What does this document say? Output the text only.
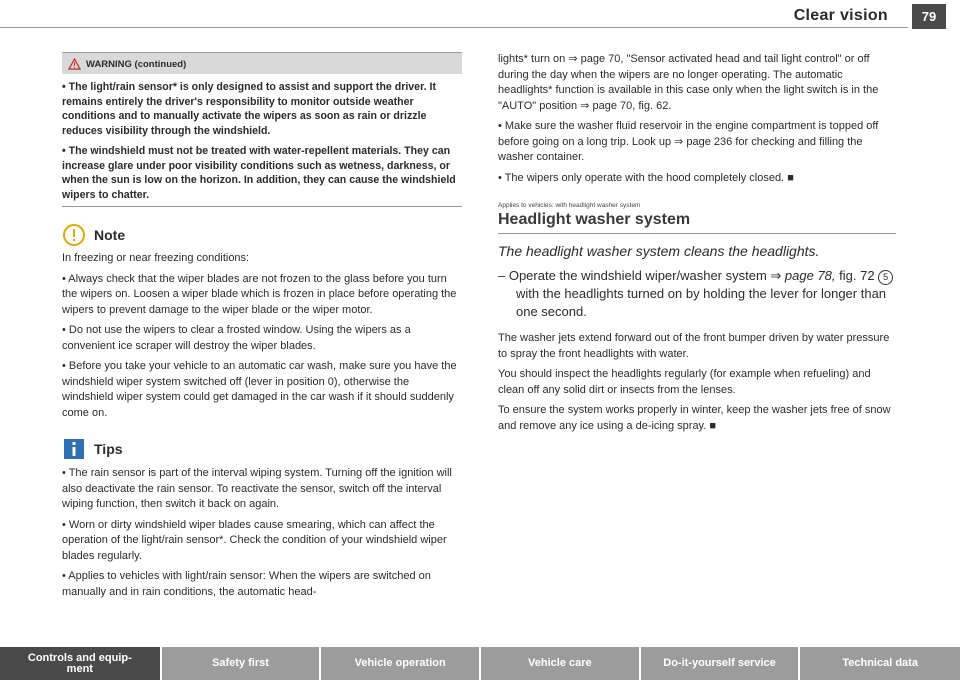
Clear vision	79
WARNING (continued)

• The light/rain sensor* is only designed to assist and support the driver. It remains entirely the driver's responsibility to monitor outside weather conditions and to manually activate the wipers as soon as rain or drizzle reduces visibility through the windshield.

• The windshield must not be treated with water-repellent materials. They can increase glare under poor visibility conditions such as wetness, darkness, or when the sun is low on the horizon. In addition, they can cause the windshield wipers to chatter.

Note

In freezing or near freezing conditions:

• Always check that the wiper blades are not frozen to the glass before you turn the wipers on. Loosen a wiper blade which is frozen in place before operating the wipers to prevent damage to the wiper blade or the wiper motor.

• Do not use the wipers to clear a frosted window. Using the wipers as a convenient ice scraper will destroy the wiper blades.

• Before you take your vehicle to an automatic car wash, make sure you have the windshield wiper system switched off (lever in position 0), otherwise the windshield wiper system could get damaged in the car wash if it should suddenly come on.

Tips

• The rain sensor is part of the interval wiping system. Turning off the ignition will also deactivate the rain sensor. To reactivate the sensor, switch off the interval wiping function, then switch it back on again.

• Worn or dirty windshield wiper blades cause smearing, which can affect the operation of the light/rain sensor*. Check the condition of your windshield wiper blades regularly.

• Applies to vehicles with light/rain sensor: When the wipers are switched on manually and in rain conditions, the automatic head-

lights* turn on ⇒ page 70, "Sensor activated head and tail light control" or off during the day when the wipers are no longer operating. The automatic headlights* function is available in this case only when the light switch is in the "AUTO" position ⇒ page 70, fig. 62.

• Make sure the washer fluid reservoir in the engine compartment is topped off before going on a long trip. Look up ⇒ page 236 for checking and filling the washer container.

• The wipers only operate with the hood completely closed. ■

Applies to vehicles: with headlight washer system
Headlight washer system
The headlight washer system cleans the headlights.
– Operate the windshield wiper/washer system ⇒ page 78, fig. 72 5 with the headlights turned on by holding the lever for longer than one second.

The washer jets extend forward out of the front bumper driven by water pressure to spray the front headlights with water.

You should inspect the headlights regularly (for example when refueling) and clean off any solid dirt or insects from the lenses.

To ensure the system works properly in winter, keep the washer jets free of snow and remove any ice using a de-icing spray. ■

Controls and equip-
ment	Safety first	Vehicle operation	Vehicle care	Do-it-yourself service	Technical data
